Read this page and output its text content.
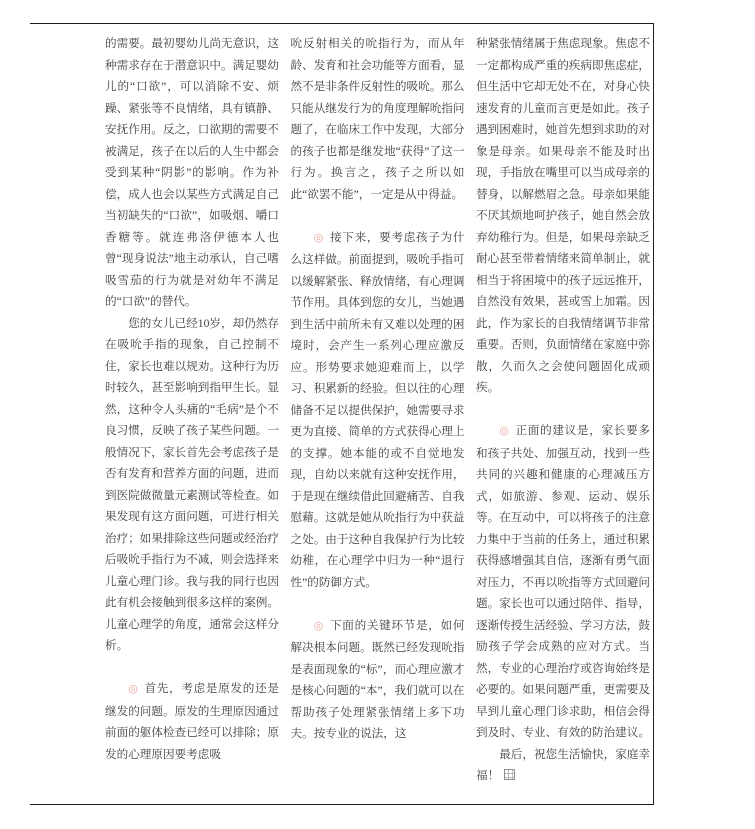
的需要。最初婴幼儿尚无意识，这种需求存在于潜意识中。满足婴幼儿的“口欲”，可以消除不安、烦躁、紧张等不良情绪，具有镇静、安抚作用。反之，口欲期的需要不被满足，孩子在以后的人生中都会受到某种“阴影”的影响。作为补偿，成人也会以某些方式满足自己当初缺失的“口欲”，如吸烟、嚼口香糖等。就连弗洛伊德本人也曾“现身说法”地主动承认，自己嗜吸雪茄的行为就是对幼年不满足的“口欲”的替代。

您的女儿已经10岁，却仍然存在吸吮手指的现象，自己控制不住，家长也难以规劝。这种行为历时较久，甚至影响到指甲生长。显然，这种令人头痛的“毛病”是个不良习惯，反映了孩子某些问题。一般情况下，家长首先会考虑孩子是否有发育和营养方面的问题，进而到医院做微量元素测试等检查。如果发现有这方面问题，可进行相关治疗；如果排除这些问题或经治疗后吸吮手指行为不减，则会选择来儿童心理门诊。我与我的同行也因此有机会接触到很多这样的案例。儿童心理学的角度，通常会这样分析。

◎ 首先，考虑是原发的还是继发的问题。原发的生理原因通过前面的躯体检查已经可以排除；原发的心理原因要考虑吸

吮反射相关的吮指行为，而从年龄、发育和社会功能等方面看，显然不是非条件反射性的吸吮。那么只能从继发行为的角度理解吮指问题了，在临床工作中发现，大部分的孩子也都是继发地“获得”了这一行为。换言之，孩子之所以如此“欲罢不能”，一定是从中得益。

◎ 接下来，要考虑孩子为什么这样做。前面提到，吸吮手指可以缓解紧张、释放情绪，有心理调节作用。具体到您的女儿，当她遇到生活中前所未有又难以处理的困境时，会产生一系列心理应激反应。形势要求她迎难而上，以学习、积累新的经验。但以往的心理储备不足以提供保护，她需要寻求更为直接、简单的方式获得心理上的支撑。她本能的或不自觉地发现，自幼以来就有这种安抚作用，于是现在继续借此回避痛苦、自我慰藉。这就是她从吮指行为中获益之处。由于这种自我保护行为比较幼稚，在心理学中归为一种“退行性”的防御方式。

◎ 下面的关键环节是，如何解决根本问题。既然已经发现吮指是表面现象的“标”，而心理应激才是核心问题的“本”，我们就可以在帮助孩子处理紧张情绪上多下功夫。按专业的说法，这

种紧张情绪属于焦虑现象。焦虑不一定都构成严重的疾病即焦虑症，但生活中它却无处不在，对身心快速发育的儿童而言更是如此。孩子遇到困难时，她首先想到求助的对象是母亲。如果母亲不能及时出现，手指放在嘴里可以当成母亲的替身，以解燃眉之急。母亲如果能不厌其烦地呵护孩子，她自然会放弃幼稚行为。但是，如果母亲缺乏耐心甚至带着情绪来简单制止，就相当于将困境中的孩子远远推开，自然没有效果，甚或雪上加霜。因此，作为家长的自我情绪调节非常重要。否则，负面情绪在家庭中弥散，久而久之会使问题固化成顽疾。

◎ 正面的建议是，家长要多和孩子共处、加强互动，找到一些共同的兴趣和健康的心理减压方式，如旅游、参观、运动、娱乐等。在互动中，可以将孩子的注意力集中于当前的任务上，通过积累获得感增强其自信，逐渐有勇气面对压力，不再以吮指等方式回避问题。家长也可以通过陪伴、指导，逐渐传授生活经验、学习方法，鼓励孩子学会成熟的应对方式。当然，专业的心理治疗或咨询始终是必要的。如果问题严重，更需要及早到儿童心理门诊求助，相信会得到及时、专业、有效的防治建议。

最后，祝您生活愉快，家庭幸福！
